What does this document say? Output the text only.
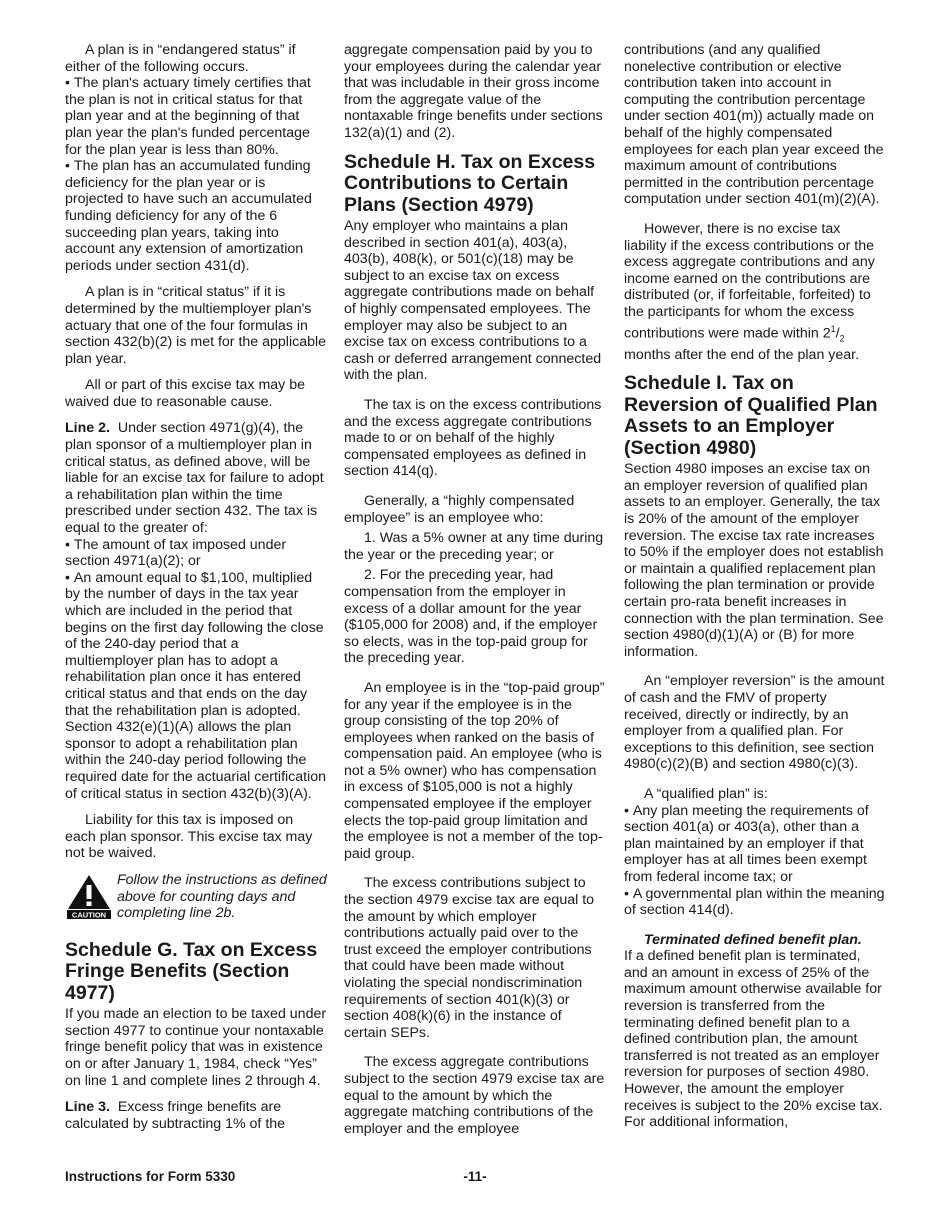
A plan is in “endangered status” if either of the following occurs.

• The plan's actuary timely certifies that the plan is not in critical status for that plan year and at the beginning of that plan year the plan's funded percentage for the plan year is less than 80%.

• The plan has an accumulated funding deficiency for the plan year or is projected to have such an accumulated funding deficiency for any of the 6 succeeding plan years, taking into account any extension of amortization periods under section 431(d).

A plan is in “critical status” if it is determined by the multiemployer plan's actuary that one of the four formulas in section 432(b)(2) is met for the applicable plan year.

All or part of this excise tax may be waived due to reasonable cause.

Line 2. Under section 4971(g)(4), the plan sponsor of a multiemployer plan in critical status, as defined above, will be liable for an excise tax for failure to adopt a rehabilitation plan within the time prescribed under section 432. The tax is equal to the greater of:

• The amount of tax imposed under section 4971(a)(2); or

• An amount equal to $1,100, multiplied by the number of days in the tax year which are included in the period that begins on the first day following the close of the 240-day period that a multiemployer plan has to adopt a rehabilitation plan once it has entered critical status and that ends on the day that the rehabilitation plan is adopted. Section 432(e)(1)(A) allows the plan sponsor to adopt a rehabilitation plan within the 240-day period following the required date for the actuarial certification of critical status in section 432(b)(3)(A).

Liability for this tax is imposed on each plan sponsor. This excise tax may not be waived.

CAUTION
Follow the instructions as defined above for counting days and completing line 2b.
Schedule G. Tax on Excess Fringe Benefits (Section 4977)

If you made an election to be taxed under section 4977 to continue your nontaxable fringe benefit policy that was in existence on or after January 1, 1984, check “Yes” on line 1 and complete lines 2 through 4.

Line 3. Excess fringe benefits are calculated by subtracting 1% of the

aggregate compensation paid by you to your employees during the calendar year that was includable in their gross income from the aggregate value of the nontaxable fringe benefits under sections 132(a)(1) and (2).

Schedule H. Tax on Excess Contributions to Certain Plans (Section 4979)

Any employer who maintains a plan described in section 401(a), 403(a), 403(b), 408(k), or 501(c)(18) may be subject to an excise tax on excess aggregate contributions made on behalf of highly compensated employees. The employer may also be subject to an excise tax on excess contributions to a cash or deferred arrangement connected with the plan.

The tax is on the excess contributions and the excess aggregate contributions made to or on behalf of the highly compensated employees as defined in section 414(q).

Generally, a “highly compensated employee” is an employee who:

1. Was a 5% owner at any time during the year or the preceding year; or

2. For the preceding year, had compensation from the employer in excess of a dollar amount for the year ($105,000 for 2008) and, if the employer so elects, was in the top-paid group for the preceding year.

An employee is in the “top-paid group” for any year if the employee is in the group consisting of the top 20% of employees when ranked on the basis of compensation paid. An employee (who is not a 5% owner) who has compensation in excess of $105,000 is not a highly compensated employee if the employer elects the top-paid group limitation and the employee is not a member of the top-paid group.

The excess contributions subject to the section 4979 excise tax are equal to the amount by which employer contributions actually paid over to the trust exceed the employer contributions that could have been made without violating the special nondiscrimination requirements of section 401(k)(3) or section 408(k)(6) in the instance of certain SEPs.

The excess aggregate contributions subject to the section 4979 excise tax are equal to the amount by which the aggregate matching contributions of the employer and the employee

contributions (and any qualified nonelective contribution or elective contribution taken into account in computing the contribution percentage under section 401(m)) actually made on behalf of the highly compensated employees for each plan year exceed the maximum amount of contributions permitted in the contribution percentage computation under section 401(m)(2)(A).

However, there is no excise tax liability if the excess contributions or the excess aggregate contributions and any income earned on the contributions are distributed (or, if forfeitable, forfeited) to the participants for whom the excess contributions were made within $2^1/_2$ months after the end of the plan year.

Schedule I. Tax on Reversion of Qualified Plan Assets to an Employer (Section 4980)

Section 4980 imposes an excise tax on an employer reversion of qualified plan assets to an employer. Generally, the tax is 20% of the amount of the employer reversion. The excise tax rate increases to 50% if the employer does not establish or maintain a qualified replacement plan following the plan termination or provide certain pro-rata benefit increases in connection with the plan termination. See section 4980(d)(1)(A) or (B) for more information.

An “employer reversion” is the amount of cash and the FMV of property received, directly or indirectly, by an employer from a qualified plan. For exceptions to this definition, see section 4980(c)(2)(B) and section 4980(c)(3).

A “qualified plan” is:

• Any plan meeting the requirements of section 401(a) or 403(a), other than a plan maintained by an employer if that employer has at all times been exempt from federal income tax; or

• A governmental plan within the meaning of section 414(d).

Terminated defined benefit plan.

If a defined benefit plan is terminated, and an amount in excess of 25% of the maximum amount otherwise available for reversion is transferred from the terminating defined benefit plan to a defined contribution plan, the amount transferred is not treated as an employer reversion for purposes of section 4980. However, the amount the employer receives is subject to the 20% excise tax. For additional information,

Instructions for Form 5330	-11-
